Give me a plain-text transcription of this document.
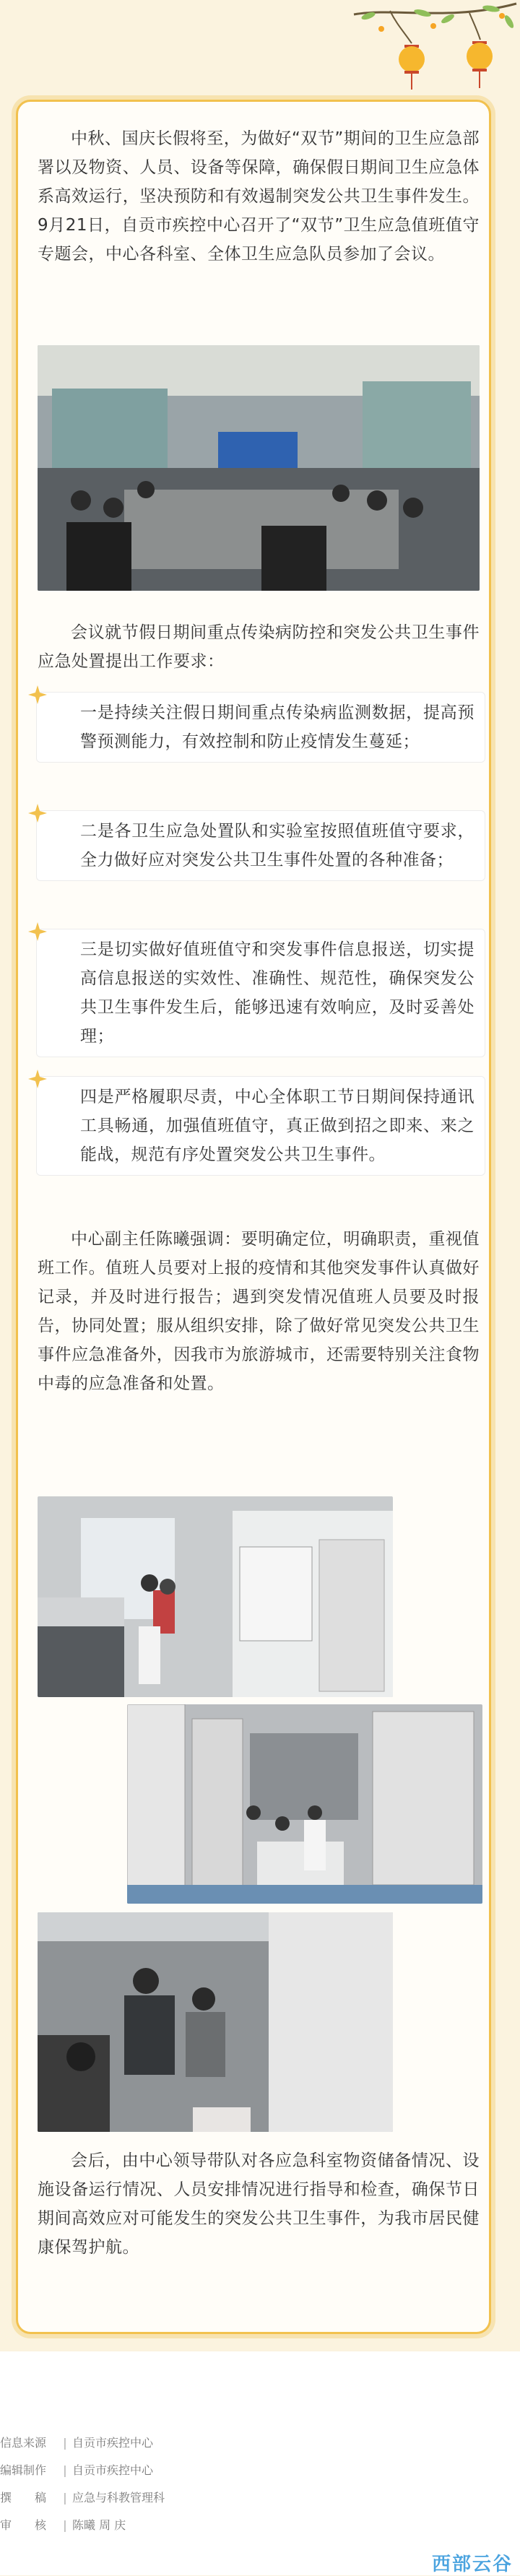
中秋、国庆长假将至，为做好“双节”期间的卫生应急部署以及物资、人员、设备等保障，确保假日期间卫生应急体系高效运行，坚决预防和有效遏制突发公共卫生事件发生。9月21日，自贡市疾控中心召开了“双节”卫生应急值班值守专题会，中心各科室、全体卫生应急队员参加了会议。

会议就节假日期间重点传染病防控和突发公共卫生事件应急处置提出工作要求：

一是持续关注假日期间重点传染病监测数据，提高预警预测能力，有效控制和防止疫情发生蔓延；

二是各卫生应急处置队和实验室按照值班值守要求，全力做好应对突发公共卫生事件处置的各种准备；

三是切实做好值班值守和突发事件信息报送，切实提高信息报送的实效性、准确性、规范性，确保突发公共卫生事件发生后，能够迅速有效响应，及时妥善处理；

四是严格履职尽责，中心全体职工节日期间保持通讯工具畅通，加强值班值守，真正做到招之即来、来之能战，规范有序处置突发公共卫生事件。

中心副主任陈曦强调：要明确定位，明确职责，重视值班工作。值班人员要对上报的疫情和其他突发事件认真做好记录，并及时进行报告；遇到突发情况值班人员要及时报告，协同处置；服从组织安排，除了做好常见突发公共卫生事件应急准备外，因我市为旅游城市，还需要特别关注食物中毒的应急准备和处置。

会后，由中心领导带队对各应急科室物资储备情况、设施设备运行情况、人员安排情况进行指导和检查，确保节日期间高效应对可能发生的突发公共卫生事件，为我市居民健康保驾护航。

信息来源 | 自贡市疾控中心

编辑制作 | 自贡市疾控中心

撰　　稿 | 应急与科教管理科

审　　核 | 陈曦 周 庆

西部云谷
